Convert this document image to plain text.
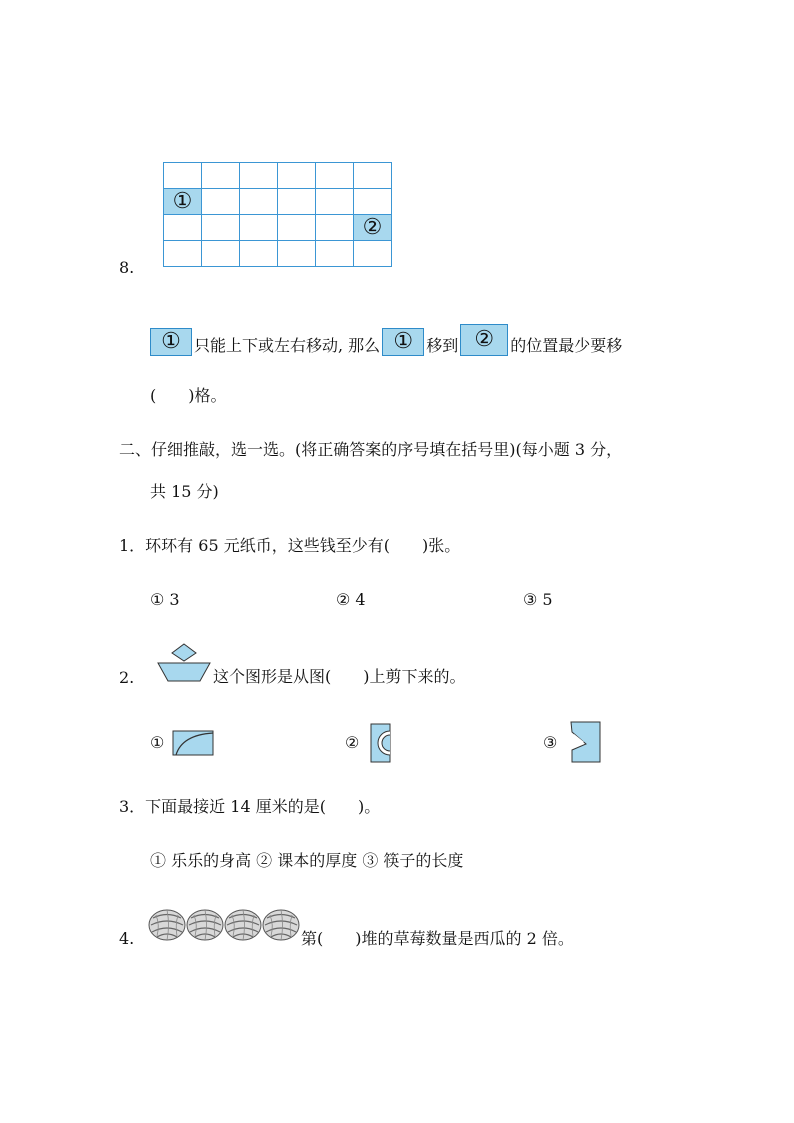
①					
					②

8.
① 只能上下或左右移动, 那么 ① 移到 ②	的位置最少要移
(　　)格。
二、仔细推敲，选一选。(将正确答案的序号填在括号里)(每小题 3 分，
共 15 分)
1．环环有 65 元纸币，这些钱至少有(　　)张。
① 3	② 4	③ 5
2.	这个图形是从图(　　)上剪下来的。
①	②	③
3．下面最接近 14 厘米的是(　　)。
① 乐乐的身高 ② 课本的厚度 ③ 筷子的长度
4.	第(　　)堆的草莓数量是西瓜的 2 倍。
